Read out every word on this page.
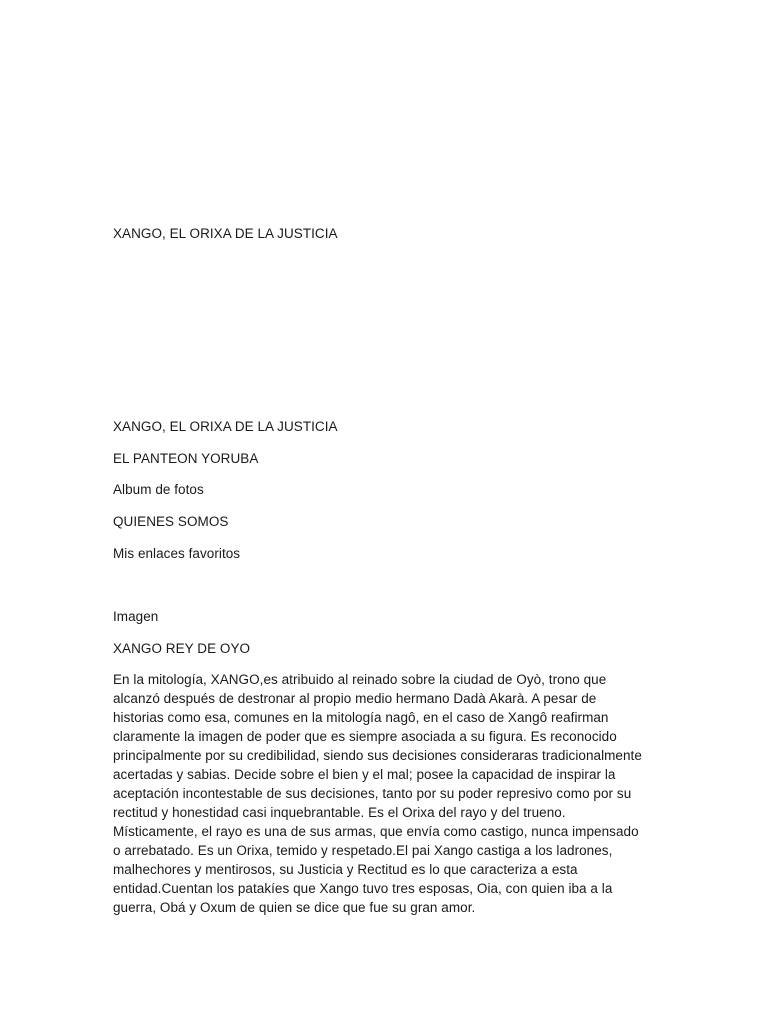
XANGO, EL ORIXA DE LA JUSTICIA
XANGO, EL ORIXA DE LA JUSTICIA
EL PANTEON YORUBA
Album de fotos
QUIENES SOMOS
Mis enlaces favoritos
Imagen
XANGO REY DE OYO
En la mitología, XANGO,es atribuido al reinado sobre la ciudad de Oyò, trono que
alcanzó después de destronar al propio medio hermano Dadà Akarà. A pesar de
historias como esa, comunes en la mitología nagô, en el caso de Xangô reafirman
claramente la imagen de poder que es siempre asociada a su figura. Es reconocido
principalmente por su credibilidad, siendo sus decisiones consideraras tradicionalmente
acertadas y sabias. Decide sobre el bien y el mal; posee la capacidad de inspirar la
aceptación incontestable de sus decisiones, tanto por su poder represivo como por su
rectitud y honestidad casi inquebrantable. Es el Orixa del rayo y del trueno.
Místicamente, el rayo es una de sus armas, que envía como castigo, nunca impensado
o arrebatado. Es un Orixa, temido y respetado.El pai Xango castiga a los ladrones,
malhechores y mentirosos, su Justicia y Rectitud es lo que caracteriza a esta
entidad.Cuentan los patakíes que Xango tuvo tres esposas, Oia, con quien iba a la
guerra, Obá y Oxum de quien se dice que fue su gran amor.
